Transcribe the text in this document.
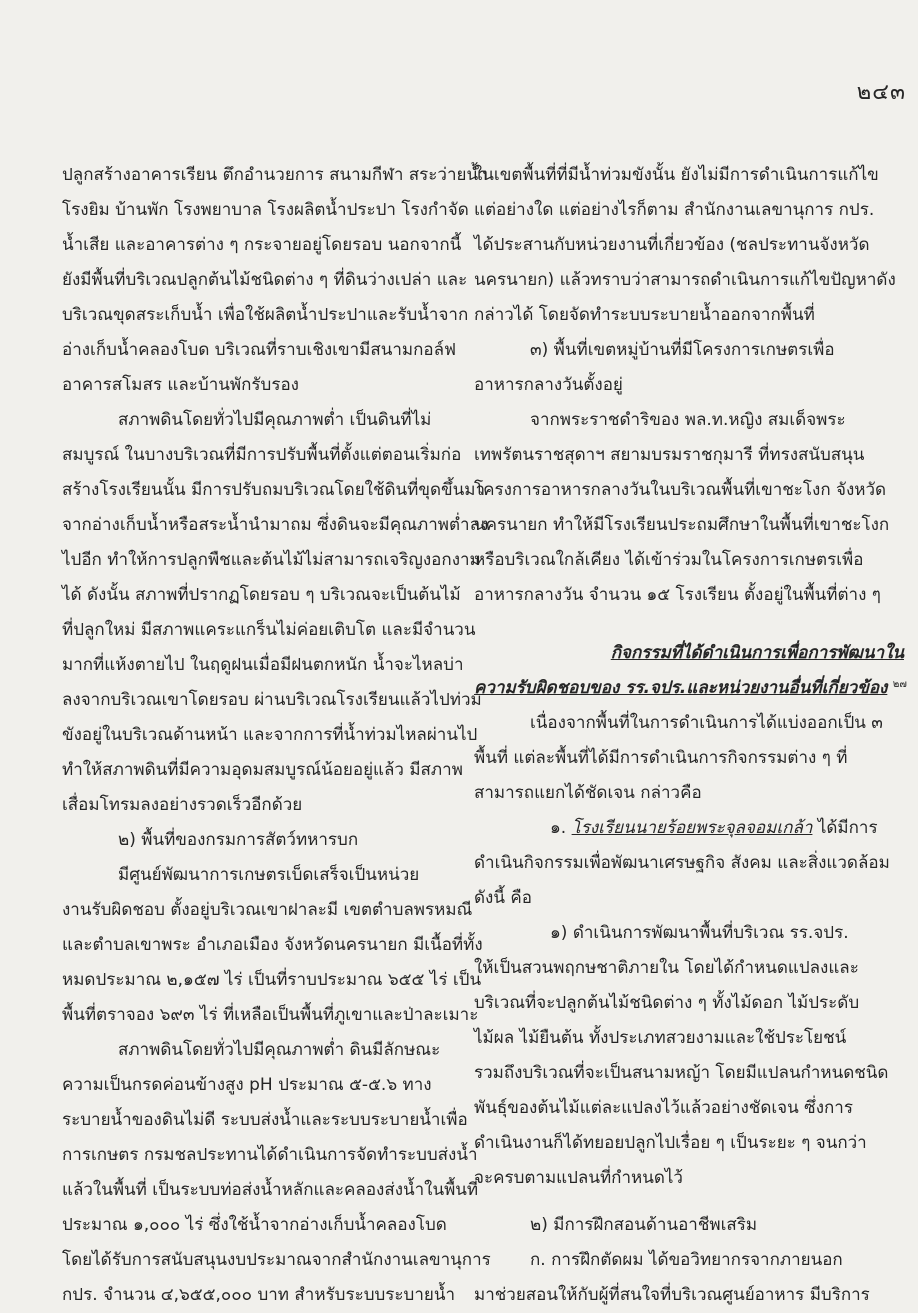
๒๔๓
ปลูกสร้างอาคารเรียน ตึกอำนวยการ สนามกีฬา สระว่ายน้ำ
โรงยิม บ้านพัก โรงพยาบาล โรงผลิตน้ำประปา โรงกำจัด
น้ำเสีย และอาคารต่าง ๆ กระจายอยู่โดยรอบ นอกจากนี้
ยังมีพื้นที่บริเวณปลูกต้นไม้ชนิดต่าง ๆ ที่ดินว่างเปล่า และ
บริเวณขุดสระเก็บน้ำ เพื่อใช้ผลิตน้ำประปาและรับน้ำจาก
อ่างเก็บน้ำคลองโบด บริเวณที่ราบเชิงเขามีสนามกอล์ฟ
อาคารสโมสร และบ้านพักรับรอง
สภาพดินโดยทั่วไปมีคุณภาพต่ำ เป็นดินที่ไม่
สมบูรณ์ ในบางบริเวณที่มีการปรับพื้นที่ตั้งแต่ตอนเริ่มก่อ
สร้างโรงเรียนนั้น มีการปรับถมบริเวณโดยใช้ดินที่ขุดขึ้นมา
จากอ่างเก็บน้ำหรือสระน้ำนำมาถม ซึ่งดินจะมีคุณภาพต่ำลง
ไปอีก ทำให้การปลูกพืชและต้นไม้ไม่สามารถเจริญงอกงาม
ได้ ดังนั้น สภาพที่ปรากฏโดยรอบ ๆ บริเวณจะเป็นต้นไม้
ที่ปลูกใหม่ มีสภาพแคระแกร็นไม่ค่อยเติบโต และมีจำนวน
มากที่แห้งตายไป ในฤดูฝนเมื่อมีฝนตกหนัก น้ำจะไหลบ่า
ลงจากบริเวณเขาโดยรอบ ผ่านบริเวณโรงเรียนแล้วไปท่วม
ขังอยู่ในบริเวณด้านหน้า และจากการที่น้ำท่วมไหลผ่านไป
ทำให้สภาพดินที่มีความอุดมสมบูรณ์น้อยอยู่แล้ว มีสภาพ
เสื่อมโทรมลงอย่างรวดเร็วอีกด้วย
๒) พื้นที่ของกรมการสัตว์ทหารบก
มีศูนย์พัฒนาการเกษตรเบ็ดเสร็จเป็นหน่วย
งานรับผิดชอบ ตั้งอยู่บริเวณเขาฝาละมี เขตตำบลพรหมณี
และตำบลเขาพระ อำเภอเมือง จังหวัดนครนายก มีเนื้อที่ทั้ง
หมดประมาณ ๒,๑๕๗ ไร่ เป็นที่ราบประมาณ ๖๕๕ ไร่ เป็น
พื้นที่ตราจอง ๖๙๓ ไร่ ที่เหลือเป็นพื้นที่ภูเขาและป่าละเมาะ
สภาพดินโดยทั่วไปมีคุณภาพต่ำ ดินมีลักษณะ
ความเป็นกรดค่อนข้างสูง pH ประมาณ ๕-๕.๖ ทาง
ระบายน้ำของดินไม่ดี ระบบส่งน้ำและระบบระบายน้ำเพื่อ
การเกษตร กรมชลประทานได้ดำเนินการจัดทำระบบส่งน้ำ
แล้วในพื้นที่ เป็นระบบท่อส่งน้ำหลักและคลองส่งน้ำในพื้นที่
ประมาณ ๑,๐๐๐ ไร่ ซึ่งใช้น้ำจากอ่างเก็บน้ำคลองโบด
โดยได้รับการสนับสนุนงบประมาณจากสำนักงานเลขานุการ
กปร. จำนวน ๔,๖๕๕,๐๐๐ บาท สำหรับระบบระบายน้ำ
ในเขตพื้นที่ที่มีน้ำท่วมขังนั้น ยังไม่มีการดำเนินการแก้ไข
แต่อย่างใด แต่อย่างไรก็ตาม สำนักงานเลขานุการ กปร.
ได้ประสานกับหน่วยงานที่เกี่ยวข้อง (ชลประทานจังหวัด
นครนายก) แล้วทราบว่าสามารถดำเนินการแก้ไขปัญหาดัง
กล่าวได้ โดยจัดทำระบบระบายน้ำออกจากพื้นที่
๓) พื้นที่เขตหมู่บ้านที่มีโครงการเกษตรเพื่อ
อาหารกลางวันตั้งอยู่
จากพระราชดำริของ พล.ท.หญิง สมเด็จพระ
เทพรัตนราชสุดาฯ สยามบรมราชกุมารี ที่ทรงสนับสนุน
โครงการอาหารกลางวันในบริเวณพื้นที่เขาชะโงก จังหวัด
นครนายก ทำให้มีโรงเรียนประถมศึกษาในพื้นที่เขาชะโงก
หรือบริเวณใกล้เคียง ได้เข้าร่วมในโครงการเกษตรเพื่อ
อาหารกลางวัน จำนวน ๑๕ โรงเรียน ตั้งอยู่ในพื้นที่ต่าง ๆ
กิจกรรมที่ได้ดำเนินการเพื่อการพัฒนาใน
ความรับผิดชอบของ รร.จปร.และหน่วยงานอื่นที่เกี่ยวข้อง $^{๒๗}$
เนื่องจากพื้นที่ในการดำเนินการได้แบ่งออกเป็น ๓
พื้นที่ แต่ละพื้นที่ได้มีการดำเนินการกิจกรรมต่าง ๆ ที่
สามารถแยกได้ชัดเจน กล่าวคือ
๑. โรงเรียนนายร้อยพระจุลจอมเกล้า ได้มีการ
ดำเนินกิจกรรมเพื่อพัฒนาเศรษฐกิจ สังคม และสิ่งแวดล้อม
ดังนี้ คือ
๑) ดำเนินการพัฒนาพื้นที่บริเวณ รร.จปร.
ให้เป็นสวนพฤกษชาติภายใน โดยได้กำหนดแปลงและ
บริเวณที่จะปลูกต้นไม้ชนิดต่าง ๆ ทั้งไม้ดอก ไม้ประดับ
ไม้ผล ไม้ยืนต้น ทั้งประเภทสวยงามและใช้ประโยชน์
รวมถึงบริเวณที่จะเป็นสนามหญ้า โดยมีแปลนกำหนดชนิด
พันธุ์ของต้นไม้แต่ละแปลงไว้แล้วอย่างชัดเจน ซึ่งการ
ดำเนินงานก็ได้ทยอยปลูกไปเรื่อย ๆ เป็นระยะ ๆ จนกว่า
จะครบตามแปลนที่กำหนดไว้
๒) มีการฝึกสอนด้านอาชีพเสริม
ก. การฝึกตัดผม ได้ขอวิทยากรจากภายนอก
มาช่วยสอนให้กับผู้ที่สนใจที่บริเวณศูนย์อาหาร มีบริการ
